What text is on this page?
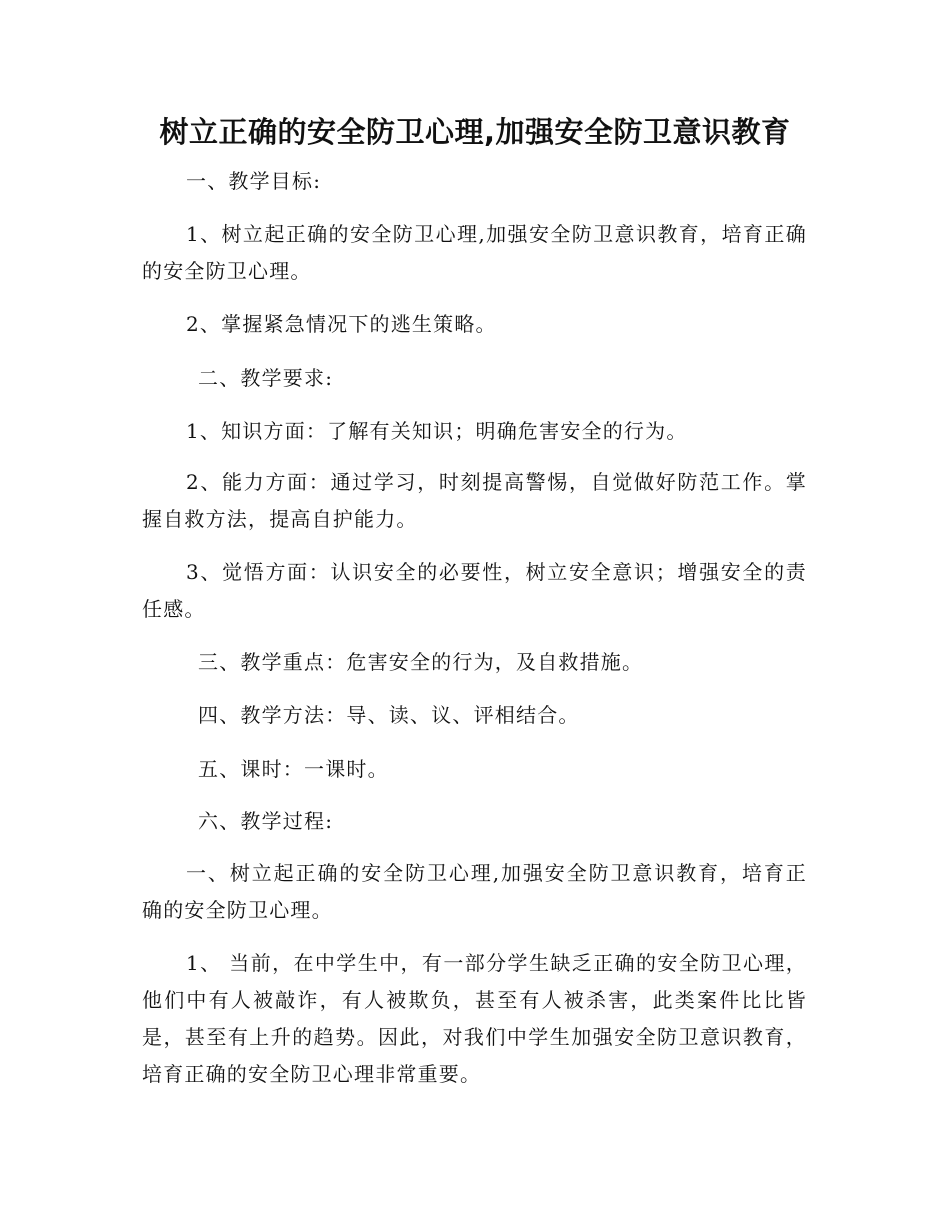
树立正确的安全防卫心理,加强安全防卫意识教育
一、教学目标:
1、树立起正确的安全防卫心理,加强安全防卫意识教育，培育正确的安全防卫心理。
2、掌握紧急情况下的逃生策略。
二、教学要求:
1、知识方面：了解有关知识；明确危害安全的行为。
2、能力方面：通过学习，时刻提高警惕，自觉做好防范工作。掌握自救方法，提高自护能力。
3、觉悟方面：认识安全的必要性，树立安全意识；增强安全的责任感。
三、教学重点：危害安全的行为，及自救措施。
四、教学方法：导、读、议、评相结合。
五、课时：一课时。
六、教学过程:
一、树立起正确的安全防卫心理,加强安全防卫意识教育，培育正确的安全防卫心理。
1、 当前，在中学生中，有一部分学生缺乏正确的安全防卫心理，他们中有人被敲诈，有人被欺负，甚至有人被杀害，此类案件比比皆是，甚至有上升的趋势。因此，对我们中学生加强安全防卫意识教育，培育正确的安全防卫心理非常重要。
